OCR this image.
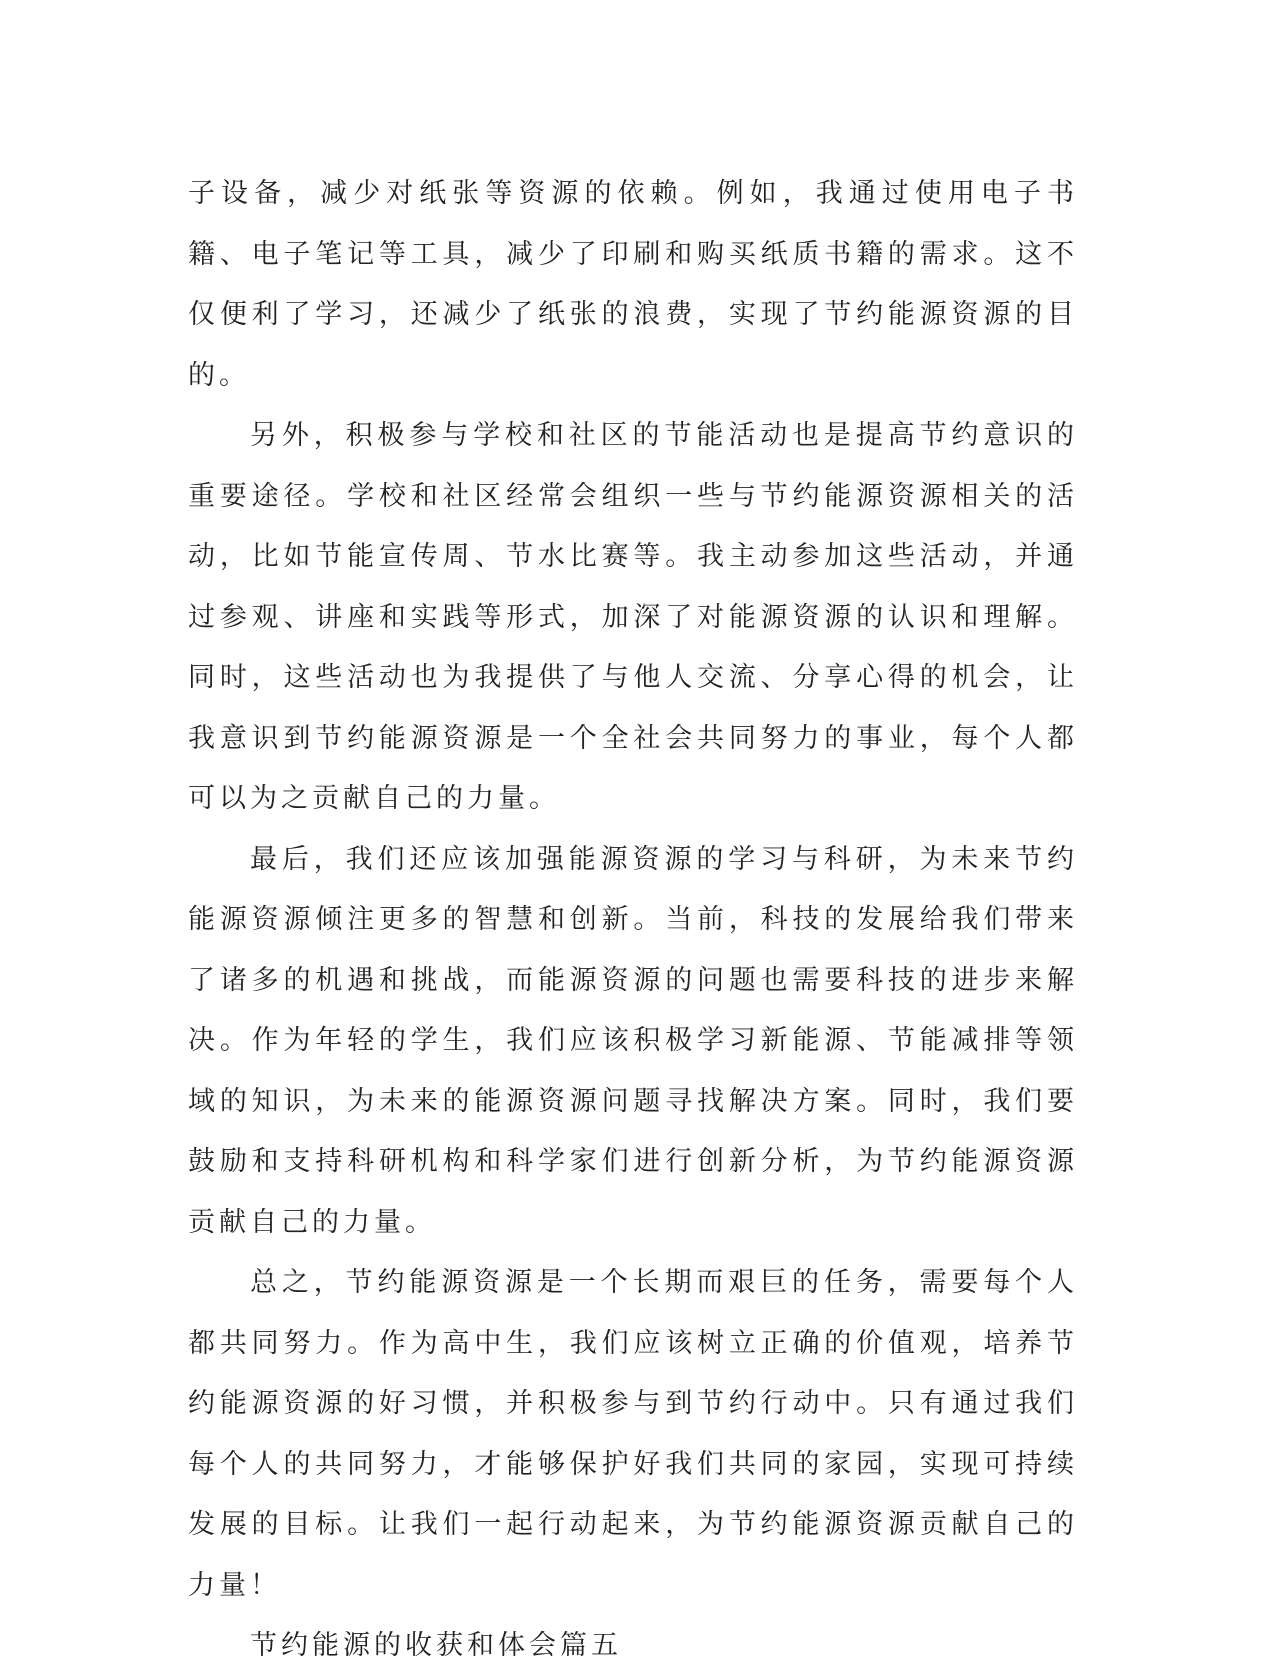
子设备，减少对纸张等资源的依赖。例如，我通过使用电子书籍、电子笔记等工具，减少了印刷和购买纸质书籍的需求。这不仅便利了学习，还减少了纸张的浪费，实现了节约能源资源的目的。

另外，积极参与学校和社区的节能活动也是提高节约意识的重要途径。学校和社区经常会组织一些与节约能源资源相关的活动，比如节能宣传周、节水比赛等。我主动参加这些活动，并通过参观、讲座和实践等形式，加深了对能源资源的认识和理解。同时，这些活动也为我提供了与他人交流、分享心得的机会，让我意识到节约能源资源是一个全社会共同努力的事业，每个人都可以为之贡献自己的力量。

最后，我们还应该加强能源资源的学习与科研，为未来节约能源资源倾注更多的智慧和创新。当前，科技的发展给我们带来了诸多的机遇和挑战，而能源资源的问题也需要科技的进步来解决。作为年轻的学生，我们应该积极学习新能源、节能减排等领域的知识，为未来的能源资源问题寻找解决方案。同时，我们要鼓励和支持科研机构和科学家们进行创新分析，为节约能源资源贡献自己的力量。

总之，节约能源资源是一个长期而艰巨的任务，需要每个人都共同努力。作为高中生，我们应该树立正确的价值观，培养节约能源资源的好习惯，并积极参与到节约行动中。只有通过我们每个人的共同努力，才能够保护好我们共同的家园，实现可持续发展的目标。让我们一起行动起来，为节约能源资源贡献自己的力量！

节约能源的收获和体会篇五
